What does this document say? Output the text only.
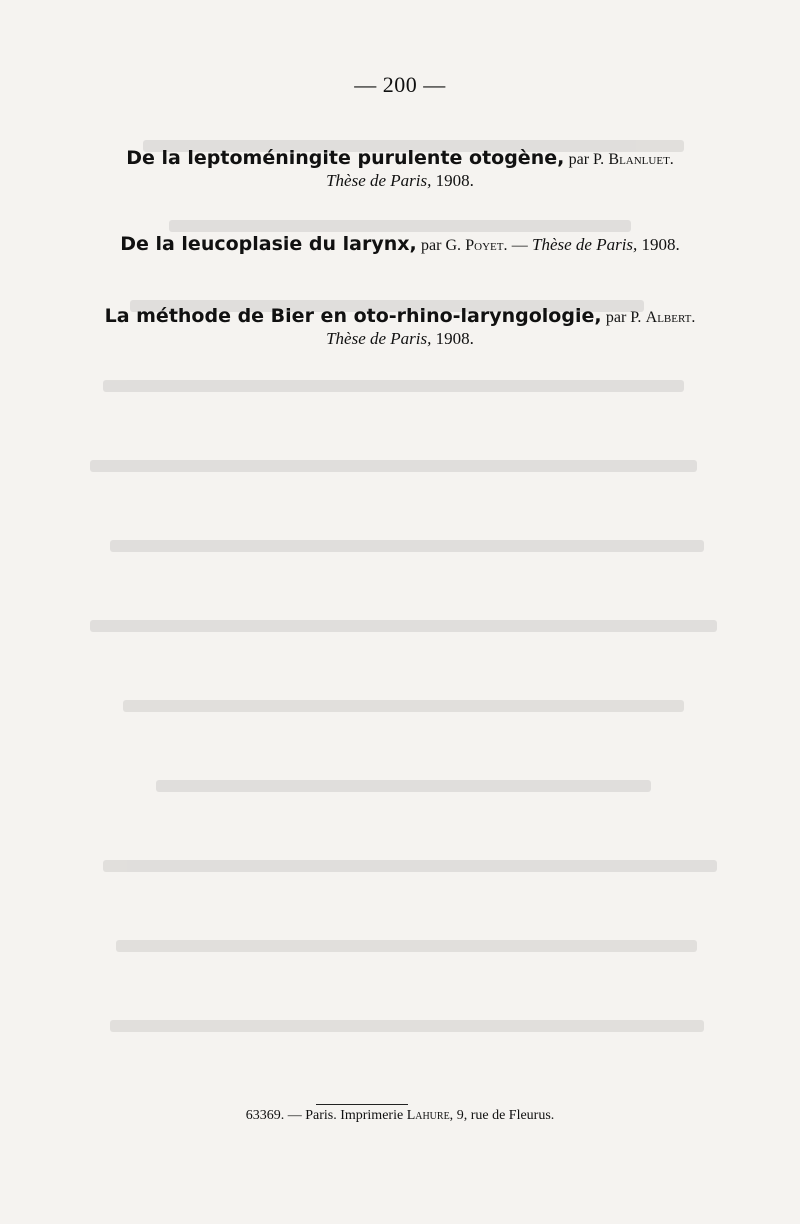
— 200 —
De la leptoméningite purulente otogène, par P. Blanluet.
Thèse de Paris, 1908.
De la leucoplasie du larynx, par G. Poyet. — Thèse de Paris, 1908.
La méthode de Bier en oto-rhino-laryngologie, par P. Albert.
Thèse de Paris, 1908.
63369. — Paris. Imprimerie Lahure, 9, rue de Fleurus.
